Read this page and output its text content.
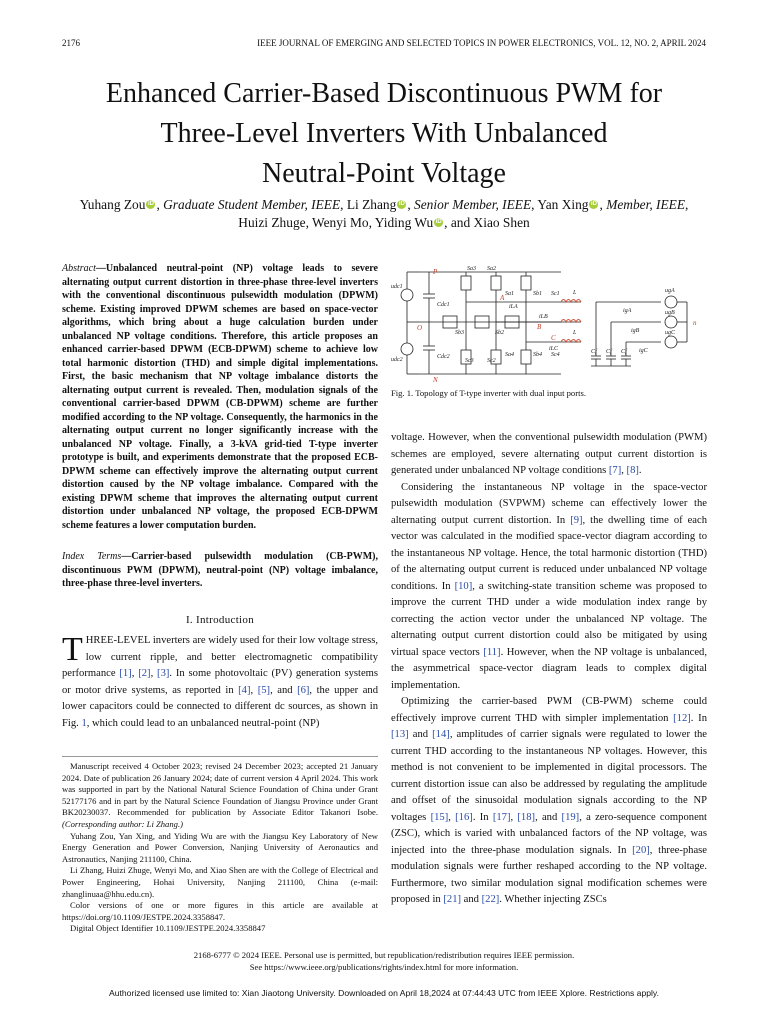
2176	IEEE JOURNAL OF EMERGING AND SELECTED TOPICS IN POWER ELECTRONICS, VOL. 12, NO. 2, APRIL 2024
Enhanced Carrier-Based Discontinuous PWM for
Three-Level Inverters With Unbalanced
Neutral-Point Voltage
Yuhang Zou iD , Graduate Student Member, IEEE, Li Zhang iD , Senior Member, IEEE, Yan Xing iD , Member, IEEE,
Huizi Zhuge, Wenyi Mo, Yiding Wu iD , and Xiao Shen

Abstract—Unbalanced neutral-point (NP) voltage leads to severe alternating output current distortion in three-phase three-level inverters with the conventional discontinuous pulsewidth modulation (DPWM) scheme. Existing improved DPWM schemes are based on space-vector algorithms, which bring about a huge calculation burden under unbalanced NP voltage conditions. Therefore, this article proposes an enhanced carrier-based DPWM (ECB-DPWM) scheme to achieve low total harmonic distortion (THD) and simple digital implementations. First, the basic mechanism that NP voltage imbalance distorts the alternating output current is revealed. Then, modulation signals of the conventional carrier-based DPWM (CB-DPWM) scheme are further modified according to the NP voltage. Consequently, the harmonics in the alternating output current no longer significantly increase with the unbalanced NP voltage. Finally, a 3-kVA grid-tied T-type inverter prototype is built, and experiments demonstrate that the proposed ECB-DPWM scheme can effectively improve the alternating output current distortion caused by the NP voltage imbalance. Compared with the existing DPWM scheme that improves the alternating output current distortion under unbalanced NP voltage, the proposed ECB-DPWM scheme features a lower computation burden.

Index Terms—Carrier-based pulsewidth modulation (CB-PWM), discontinuous PWM (DPWM), neutral-point (NP) voltage imbalance, three-phase three-level inverters.

I. Introduction

THREE-LEVEL inverters are widely used for their low voltage stress, low current ripple, and better electromagnetic compatibility performance [1], [2], [3]. In some photovoltaic (PV) generation systems or motor drive systems, as reported in [4], [5], and [6], the upper and lower capacitors could be connected to different dc sources, as shown in Fig. 1, which could lead to an unbalanced neutral-point (NP)

Manuscript received 4 October 2023; revised 24 December 2023; accepted 21 January 2024. Date of publication 26 January 2024; date of current version 4 April 2024. This work was supported in part by the National Natural Science Foundation of China under Grant 52177176 and in part by the Natural Science Foundation of Jiangsu Province under Grant BK20230037. Recommended for publication by Associate Editor Takanori Isobe. (Corresponding author: Li Zhang.)

Yuhang Zou, Yan Xing, and Yiding Wu are with the Jiangsu Key Laboratory of New Energy Generation and Power Conversion, Nanjing University of Aeronautics and Astronautics, Nanjing 211100, China.

Li Zhang, Huizi Zhuge, Wenyi Mo, and Xiao Shen are with the College of Electrical and Power Engineering, Hohai University, Nanjing 211100, China (e-mail: zhanglinuaa@hhu.edu.cn).

Color versions of one or more figures in this article are available at https://doi.org/10.1109/JESTPE.2024.3358847.

Digital Object Identifier 10.1109/JESTPE.2024.3358847

P
O
N
A
B
C
n
udc1
udc2
Cdc1
Cdc2
L
L
Cf Cf Cf
iLA
iLB
iLC
igA
igB
igC
ugA
ugB
ugC
Sa3 Sa2
Sa1	Sb1 Sc1
Sb3	Sb2
Sc3 Sc2
Sa4	Sb4 Sc4
Fig. 1. Topology of T-type inverter with dual input ports.

voltage. However, when the conventional pulsewidth modulation (PWM) schemes are employed, severe alternating output current distortion is generated under unbalanced NP voltage conditions [7], [8].

Considering the instantaneous NP voltage in the space-vector pulsewidth modulation (SVPWM) scheme can effectively lower the alternating output current distortion. In [9], the dwelling time of each vector was calculated in the modified space-vector diagram according to the instantaneous NP voltage. Hence, the total harmonic distortion (THD) of the alternating output current is reduced under unbalanced NP voltage conditions. In [10], a switching-state transition scheme was proposed to improve the current THD under a wide modulation index range by correcting the action vector under the unbalanced NP voltage. The alternating output current distortion could also be mitigated by using virtual space vectors [11]. However, when the NP voltage is unbalanced, the asymmetrical space-vector diagram leads to complex digital implementation.

Optimizing the carrier-based PWM (CB-PWM) scheme could effectively improve current THD with simpler implementation [12]. In [13] and [14], amplitudes of carrier signals were regulated to lower the current THD according to the instantaneous NP voltages. However, this method is not convenient to be implemented in digital processors. The current distortion issue can also be addressed by regulating the amplitude and offset of the sinusoidal modulation signals according to the NP voltages [15], [16]. In [17], [18], and [19], a zero-sequence component (ZSC), which is varied with unbalanced factors of the NP voltage, was injected into the three-phase modulation signals. In [20], three-phase modulation signals were further reshaped according to the NP voltage. Furthermore, two similar modulation signal modification schemes were proposed in [21] and [22]. Whether injecting ZSCs

2168-6777 © 2024 IEEE. Personal use is permitted, but republication/redistribution requires IEEE permission.
See https://www.ieee.org/publications/rights/index.html for more information.
Authorized licensed use limited to: Xian Jiaotong University. Downloaded on April 18,2024 at 07:44:43 UTC from IEEE Xplore. Restrictions apply.
